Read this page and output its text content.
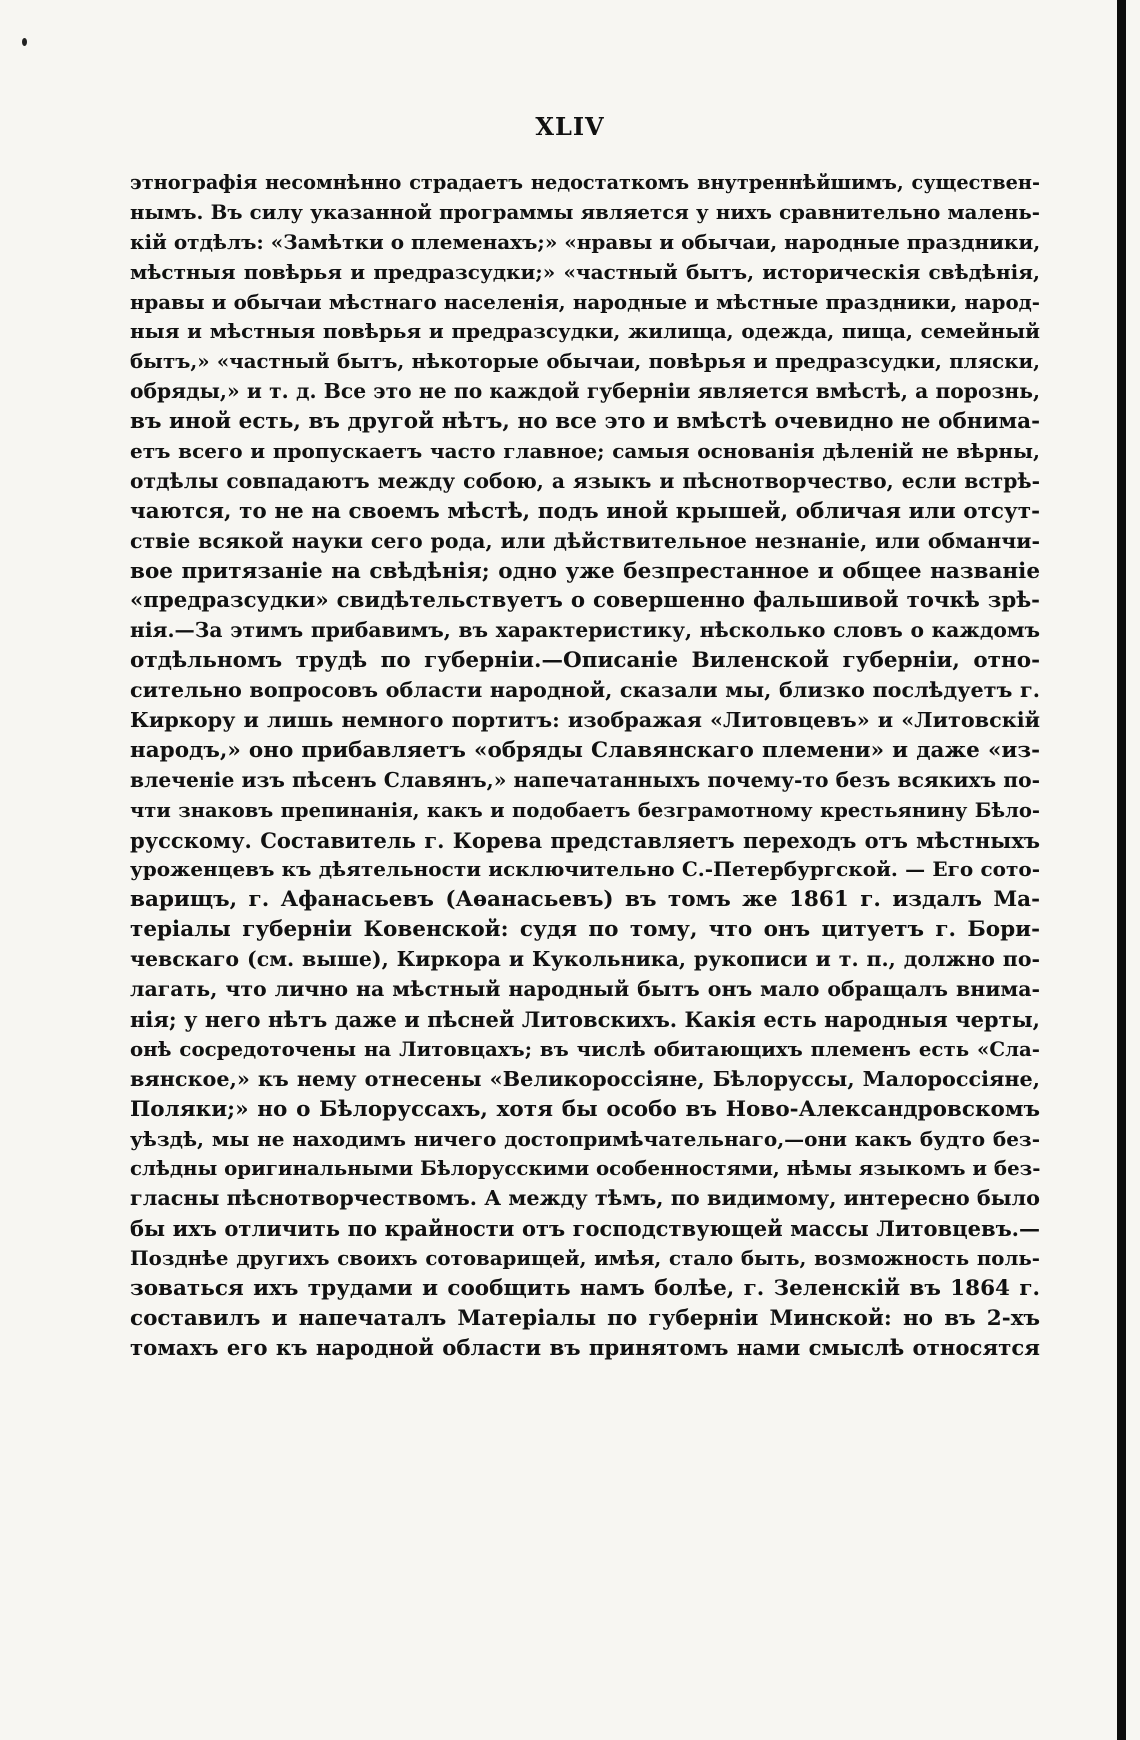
XLIV
этнографія несомнѣнно страдаетъ недостаткомъ внутреннѣйшимъ, существен-
нымъ. Въ силу указанной программы является у нихъ сравнительно малень-
кій отдѣлъ: «Замѣтки о племенахъ;» «нравы и обычаи, народные праздники,
мѣстныя повѣрья и предразсудки;» «частный бытъ, историческія свѣдѣнія,
нравы и обычаи мѣстнаго населенія, народные и мѣстные праздники, народ-
ныя и мѣстныя повѣрья и предразсудки, жилища, одежда, пища, семейный
бытъ,» «частный бытъ, нѣкоторые обычаи, повѣрья и предразсудки, пляски,
обряды,» и т. д. Все это не по каждой губерніи является вмѣстѣ, а порознь,
въ иной есть, въ другой нѣтъ, но все это и вмѣстѣ очевидно не обнима-
етъ всего и пропускаетъ часто главное; самыя основанія дѣленій не вѣрны,
отдѣлы совпадаютъ между собою, а языкъ и пѣснотворчество, если встрѣ-
чаются, то не на своемъ мѣстѣ, подъ иной крышей, обличая или отсут-
ствіе всякой науки сего рода, или дѣйствительное незнаніе, или обманчи-
вое притязаніе на свѣдѣнія; одно уже безпрестанное и общее названіе
«предразсудки» свидѣтельствуетъ о совершенно фальшивой точкѣ зрѣ-
нія.—За этимъ прибавимъ, въ характеристику, нѣсколько словъ о каждомъ
отдѣльномъ трудѣ по губерніи.—Описаніе Виленской губерніи, отно-
сительно вопросовъ области народной, сказали мы, близко послѣдуетъ г.
Киркору и лишь немного портитъ: изображая «Литовцевъ» и «Литовскій
народъ,» оно прибавляетъ «обряды Славянскаго племени» и даже «из-
влеченіе изъ пѣсенъ Славянъ,» напечатанныхъ почему-то безъ всякихъ по-
чти знаковъ препинанія, какъ и подобаетъ безграмотному крестьянину Бѣло-
русскому. Составитель г. Корева представляетъ переходъ отъ мѣстныхъ
уроженцевъ къ дѣятельности исключительно С.-Петербургской. — Его сото-
варищъ, г. Афанасьевъ (Аѳанасьевъ) въ томъ же 1861 г. издалъ Ма-
теріалы губерніи Ковенской: судя по тому, что онъ цитуетъ г. Бори-
чевскаго (см. выше), Киркора и Кукольника, рукописи и т. п., должно по-
лагать, что лично на мѣстный народный бытъ онъ мало обращалъ внима-
нія; у него нѣтъ даже и пѣсней Литовскихъ. Какія есть народныя черты,
онѣ сосредоточены на Литовцахъ; въ числѣ обитающихъ племенъ есть «Сла-
вянское,» къ нему отнесены «Великороссіяне, Бѣлоруссы, Малороссіяне,
Поляки;» но о Бѣлоруссахъ, хотя бы особо въ Ново-Александровскомъ
уѣздѣ, мы не находимъ ничего достопримѣчательнаго,—они какъ будто без-
слѣдны оригинальными Бѣлорусскими особенностями, нѣмы языкомъ и без-
гласны пѣснотворчествомъ. А между тѣмъ, по видимому, интересно было
бы ихъ отличить по крайности отъ господствующей массы Литовцевъ.—
Позднѣе другихъ своихъ сотоварищей, имѣя, стало быть, возможность поль-
зоваться ихъ трудами и сообщить намъ болѣе, г. Зеленскій въ 1864 г.
составилъ и напечаталъ Матеріалы по губерніи Минской: но въ 2-хъ
томахъ его къ народной области въ принятомъ нами смыслѣ относятся
